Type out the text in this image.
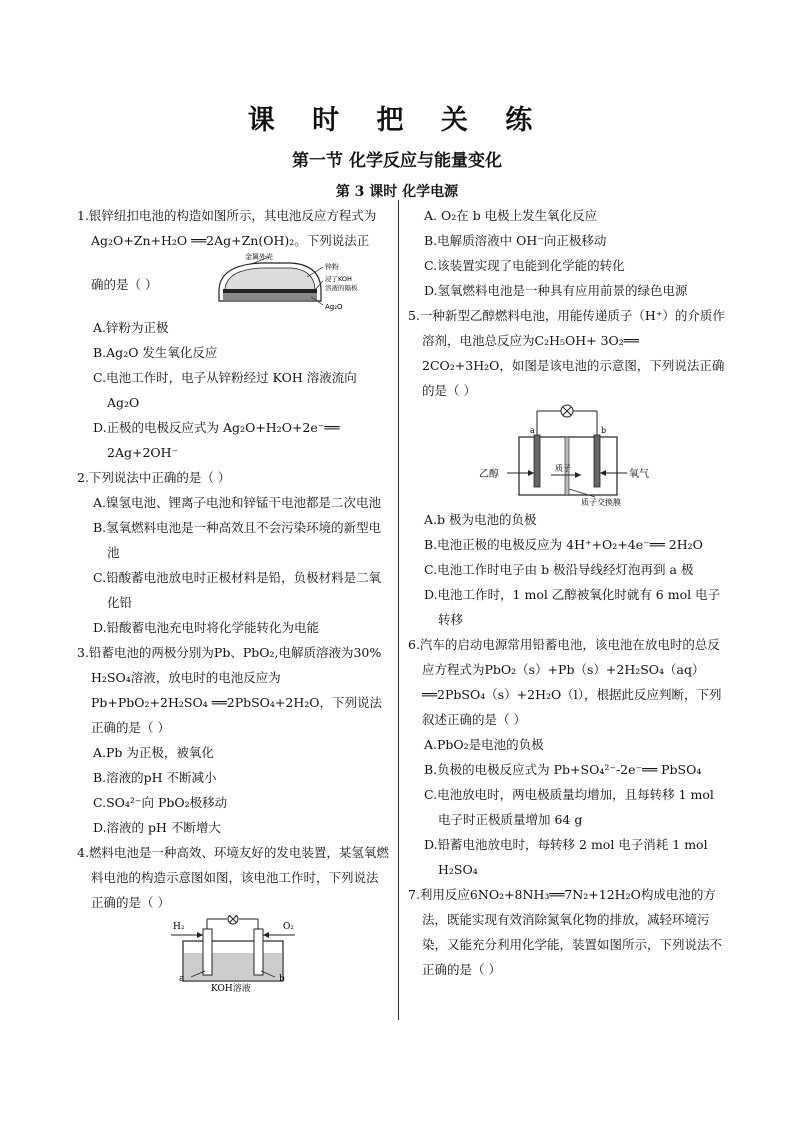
课 时 把 关 练
第一节 化学反应与能量变化
第 3 课时 化学电源
1.银锌纽扣电池的构造如图所示，其电池反应方程式为Ag₂O+Zn+H₂O ══2Ag+Zn(OH)₂。下列说法正
确的是（ ）
金属外壳
锌粉
浸了KOH
溶液的隔板
Ag₂O
A.锌粉为正极
B.Ag₂O 发生氧化反应
C.电池工作时，电子从锌粉经过 KOH 溶液流向 Ag₂O
D.正极的电极反应式为 Ag₂O+H₂O+2e⁻══ 2Ag+2OH⁻
2.下列说法中正确的是（ ）
A.镍氢电池、锂离子电池和锌锰干电池都是二次电池
B.氢氧燃料电池是一种高效且不会污染环境的新型电池
C.铅酸蓄电池放电时正极材料是铅，负极材料是二氧化铅
D.铅酸蓄电池充电时将化学能转化为电能
3.铅蓄电池的两极分别为Pb、PbO₂,电解质溶液为30% H₂SO₄溶液，放电时的电池反应为Pb+PbO₂+2H₂SO₄ ══2PbSO₄+2H₂O，下列说法正确的是（ ）
A.Pb 为正极，被氧化
B.溶液的pH 不断减小
C.SO₄²⁻向 PbO₂极移动
D.溶液的 pH 不断增大
4.燃料电池是一种高效、环境友好的发电装置，某氢氧燃料电池的构造示意图如图，该电池工作时，下列说法正确的是（ ）
H₂	O₂
a	b
KOH溶液
A. O₂在 b 电极上发生氧化反应
B.电解质溶液中 OH⁻向正极移动
C.该装置实现了电能到化学能的转化
D.氢氧燃料电池是一种具有应用前景的绿色电源
5.一种新型乙醇燃料电池，用能传递质子（H⁺）的介质作溶剂，电池总反应为C₂H₅OH+ 3O₂══ 2CO₂+3H₂O，如图是该电池的示意图，下列说法正确的是（ ）
a	b
乙醇	氧气
质子
质子交换膜
A.b 极为电池的负极
B.电池正极的电极反应为 4H⁺+O₂+4e⁻══ 2H₂O
C.电池工作时电子由 b 极沿导线经灯泡再到 a 极
D.电池工作时，1 mol 乙醇被氧化时就有 6 mol 电子转移
6.汽车的启动电源常用铅蓄电池，该电池在放电时的总反应方程式为PbO₂（s）+Pb（s）+2H₂SO₄（aq）══2PbSO₄（s）+2H₂O（l），根据此反应判断，下列叙述正确的是（ ）
A.PbO₂是电池的负极
B.负极的电极反应式为 Pb+SO₄²⁻-2e⁻══ PbSO₄
C.电池放电时，两电极质量均增加，且每转移 1 mol 电子时正极质量增加 64 g
D.铅蓄电池放电时，每转移 2 mol 电子消耗 1 mol H₂SO₄
7.利用反应6NO₂+8NH₃══7N₂+12H₂O构成电池的方法，既能实现有效消除氮氧化物的排放，减轻环境污染，又能充分利用化学能，装置如图所示，下列说法不正确的是（ ）
